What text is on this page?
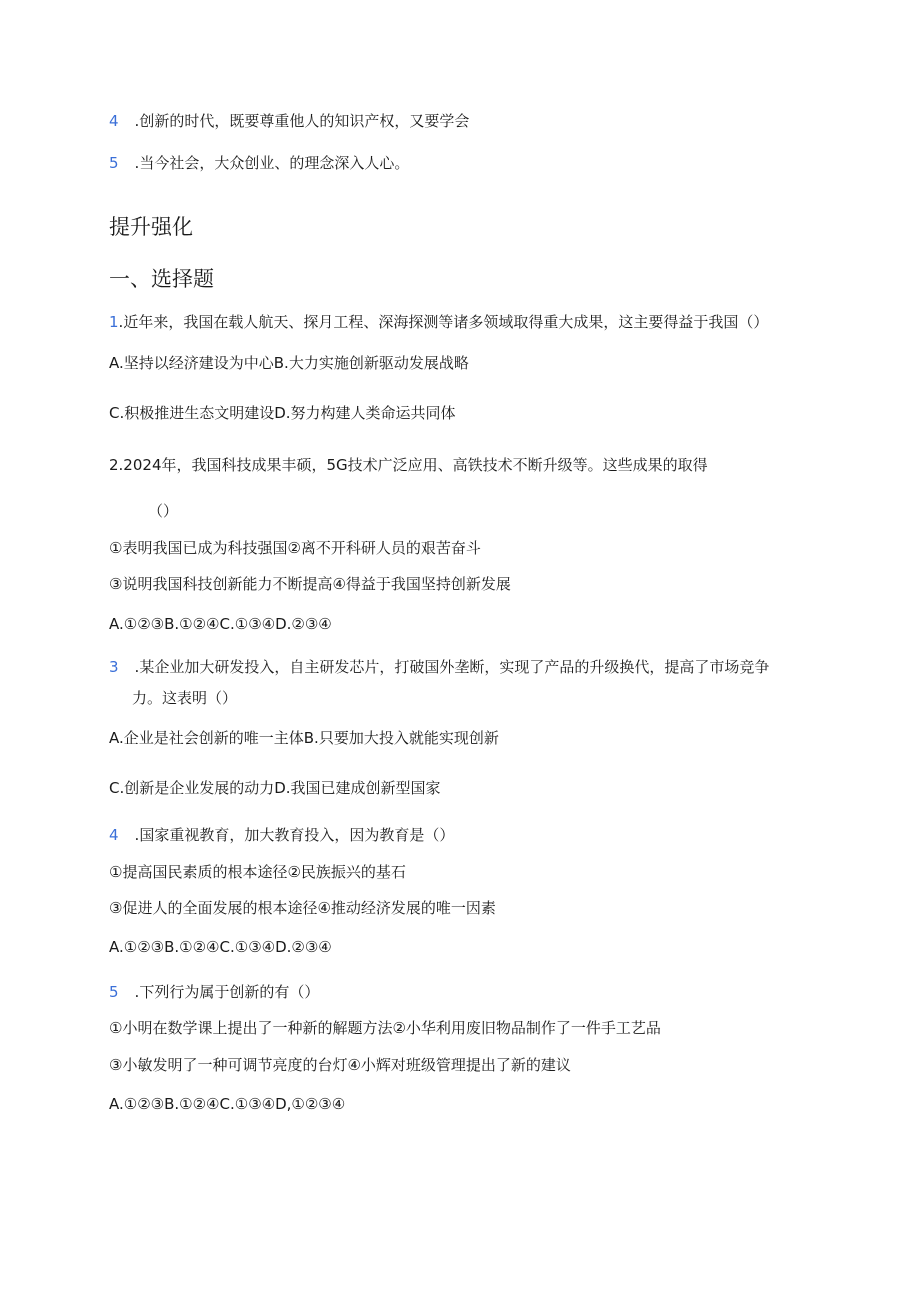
4 .创新的时代，既要尊重他人的知识产权，又要学会
5 .当今社会，大众创业、的理念深入人心。
提升强化
一、选择题
1.近年来，我国在载人航天、探月工程、深海探测等诸多领域取得重大成果，这主要得益于我国（）
A.坚持以经济建设为中心B.大力实施创新驱动发展战略
C.积极推进生态文明建设D.努力构建人类命运共同体
2.2024年，我国科技成果丰硕，5G技术广泛应用、高铁技术不断升级等。这些成果的取得
（）
①表明我国已成为科技强国②离不开科研人员的艰苦奋斗
③说明我国科技创新能力不断提高④得益于我国坚持创新发展
A.①②③B.①②④C.①③④D.②③④
3 .某企业加大研发投入，自主研发芯片，打破国外垄断，实现了产品的升级换代，提高了市场竞争
力。这表明（）
A.企业是社会创新的唯一主体B.只要加大投入就能实现创新
C.创新是企业发展的动力D.我国已建成创新型国家
4 .国家重视教育，加大教育投入，因为教育是（）
①提高国民素质的根本途径②民族振兴的基石
③促进人的全面发展的根本途径④推动经济发展的唯一因素
A.①②③B.①②④C.①③④D.②③④
5 .下列行为属于创新的有（）
①小明在数学课上提出了一种新的解题方法②小华利用废旧物品制作了一件手工艺品
③小敏发明了一种可调节亮度的台灯④小辉对班级管理提出了新的建议
A.①②③B.①②④C.①③④D,①②③④
